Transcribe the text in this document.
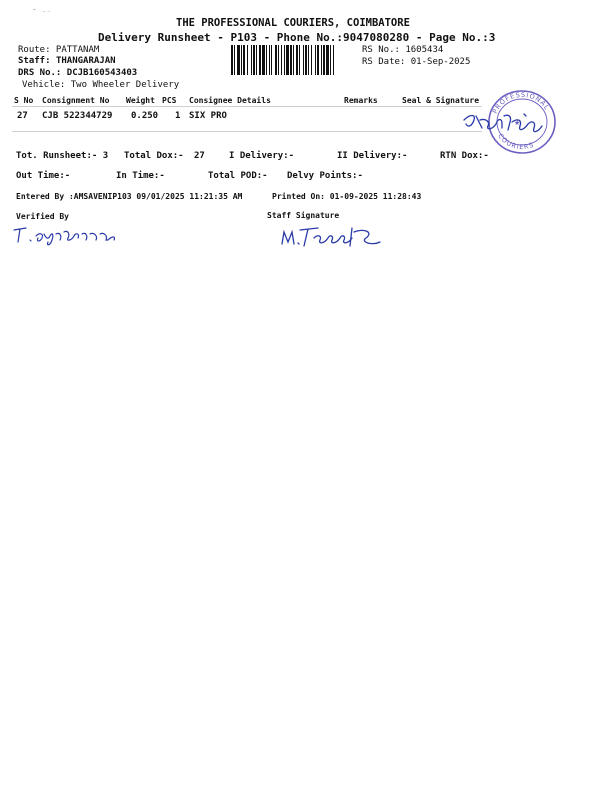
˜ ⁻⁻
THE PROFESSIONAL COURIERS, COIMBATORE
Delivery Runsheet - P103 - Phone No.:9047080280 - Page No.:3
Route: PATTANAM
Staff: THANGARAJAN
DRS No.: DCJB160543403
Vehicle: Two Wheeler Delivery
RS No.: 1605434
RS Date: 01-Sep-2025
S No Consignment No Weight PCS Consignee Details	Remarks	Seal & Signature
27 CJB 522344729 0.250 1 SIX PRO
PROFESSIONAL
COURIERS
★
Tot. Runsheet:- 3 Total Dox:- 27	I Delivery:-	II Delivery:-	RTN Dox:-
Out Time:-	In Time:-	Total POD:- Delvy Points:-
Entered By :AMSAVENIP103 09/01/2025 11:21:35 AM	Printed On: 01-09-2025 11:28:43
Verified By	Staff Signature
